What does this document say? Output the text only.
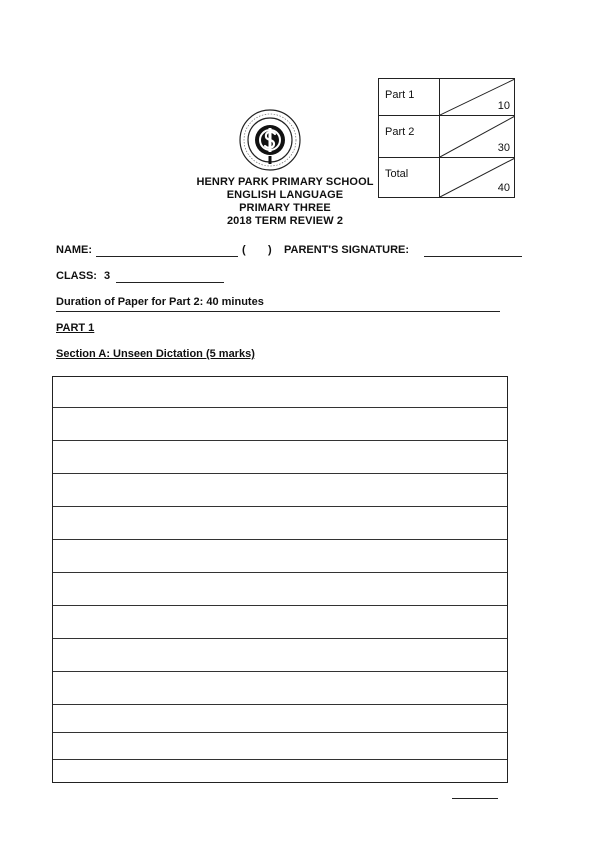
Part 1
10
Part 2
30
Total
40
HENRY PARK PRIMARY SCHOOL
ENGLISH LANGUAGE
PRIMARY THREE
2018 TERM REVIEW 2
NAME:	( ) PARENT'S SIGNATURE:
CLASS: 3
Duration of Paper for Part 2: 40 minutes
PART 1
Section A: Unseen Dictation (5 marks)
